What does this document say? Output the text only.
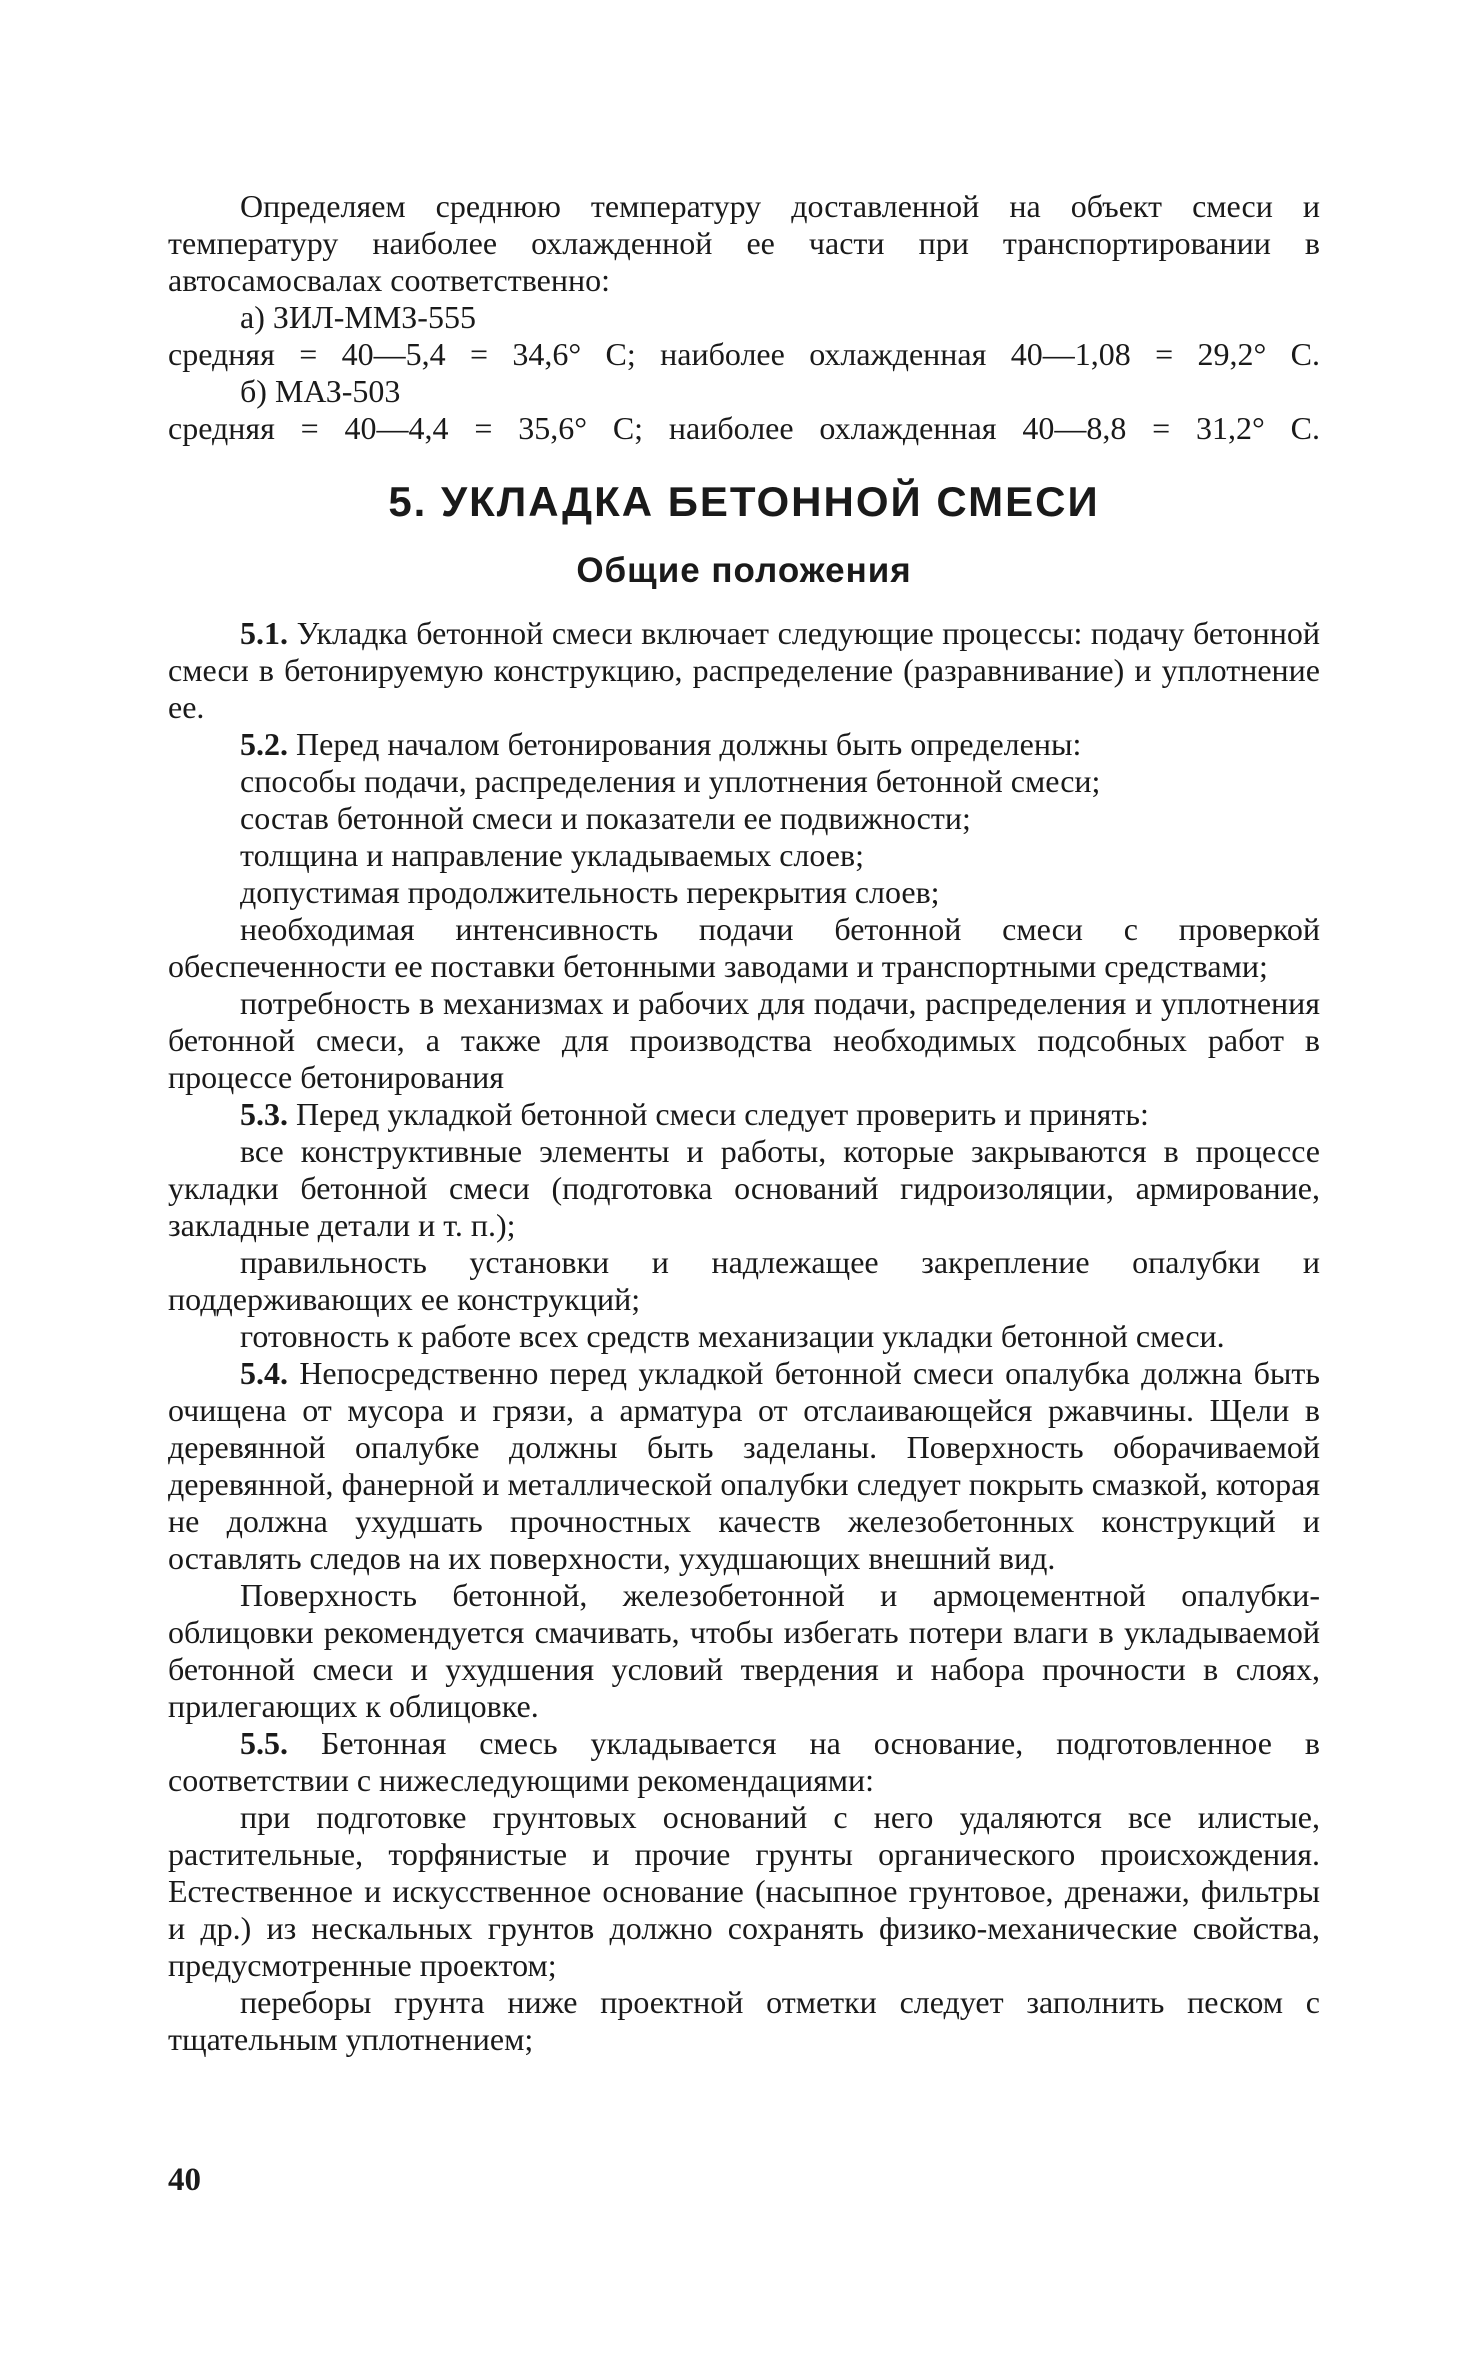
Определяем среднюю температуру доставленной на объект смеси и температуру наиболее охлажденной ее части при транспортировании в автосамосвалах соответственно:

а) ЗИЛ-ММЗ-555

средняя = 40—5,4 = 34,6° С; наиболее охлажденная 40—1,08 = 29,2° С.

б) МАЗ-503

средняя = 40—4,4 = 35,6° С; наиболее охлажденная 40—8,8 = 31,2° С.

5. УКЛАДКА БЕТОННОЙ СМЕСИ
Общие положения

5.1. Укладка бетонной смеси включает следующие процессы: подачу бетонной смеси в бетонируемую конструкцию, распределение (разравнивание) и уплотнение ее.

5.2. Перед началом бетонирования должны быть определены:

способы подачи, распределения и уплотнения бетонной смеси;

состав бетонной смеси и показатели ее подвижности;

толщина и направление укладываемых слоев;

допустимая продолжительность перекрытия слоев;

необходимая интенсивность подачи бетонной смеси с проверкой обеспеченности ее поставки бетонными заводами и транспортными средствами;

потребность в механизмах и рабочих для подачи, распределения и уплотнения бетонной смеси, а также для производства необходимых подсобных работ в процессе бетонирования

5.3. Перед укладкой бетонной смеси следует проверить и принять:

все конструктивные элементы и работы, которые закрываются в процессе укладки бетонной смеси (подготовка оснований гидроизоляции, армирование, закладные детали и т. п.);

правильность установки и надлежащее закрепление опалубки и поддерживающих ее конструкций;

готовность к работе всех средств механизации укладки бетонной смеси.

5.4. Непосредственно перед укладкой бетонной смеси опалубка должна быть очищена от мусора и грязи, а арматура от отслаивающейся ржавчины. Щели в деревянной опалубке должны быть заделаны. Поверхность оборачиваемой деревянной, фанерной и металлической опалубки следует покрыть смазкой, которая не должна ухудшать прочностных качеств железобетонных конструкций и оставлять следов на их поверхности, ухудшающих внешний вид.

Поверхность бетонной, железобетонной и армоцементной опалубки-облицовки рекомендуется смачивать, чтобы избегать потери влаги в укладываемой бетонной смеси и ухудшения условий твердения и набора прочности в слоях, прилегающих к облицовке.

5.5. Бетонная смесь укладывается на основание, подготовленное в соответствии с нижеследующими рекомендациями:

при подготовке грунтовых оснований с него удаляются все илистые, растительные, торфянистые и прочие грунты органического происхождения. Естественное и искусственное основание (насыпное грунтовое, дренажи, фильтры и др.) из нескальных грунтов должно сохранять физико-механические свойства, предусмотренные проектом;

переборы грунта ниже проектной отметки следует заполнить песком с тщательным уплотнением;

40
